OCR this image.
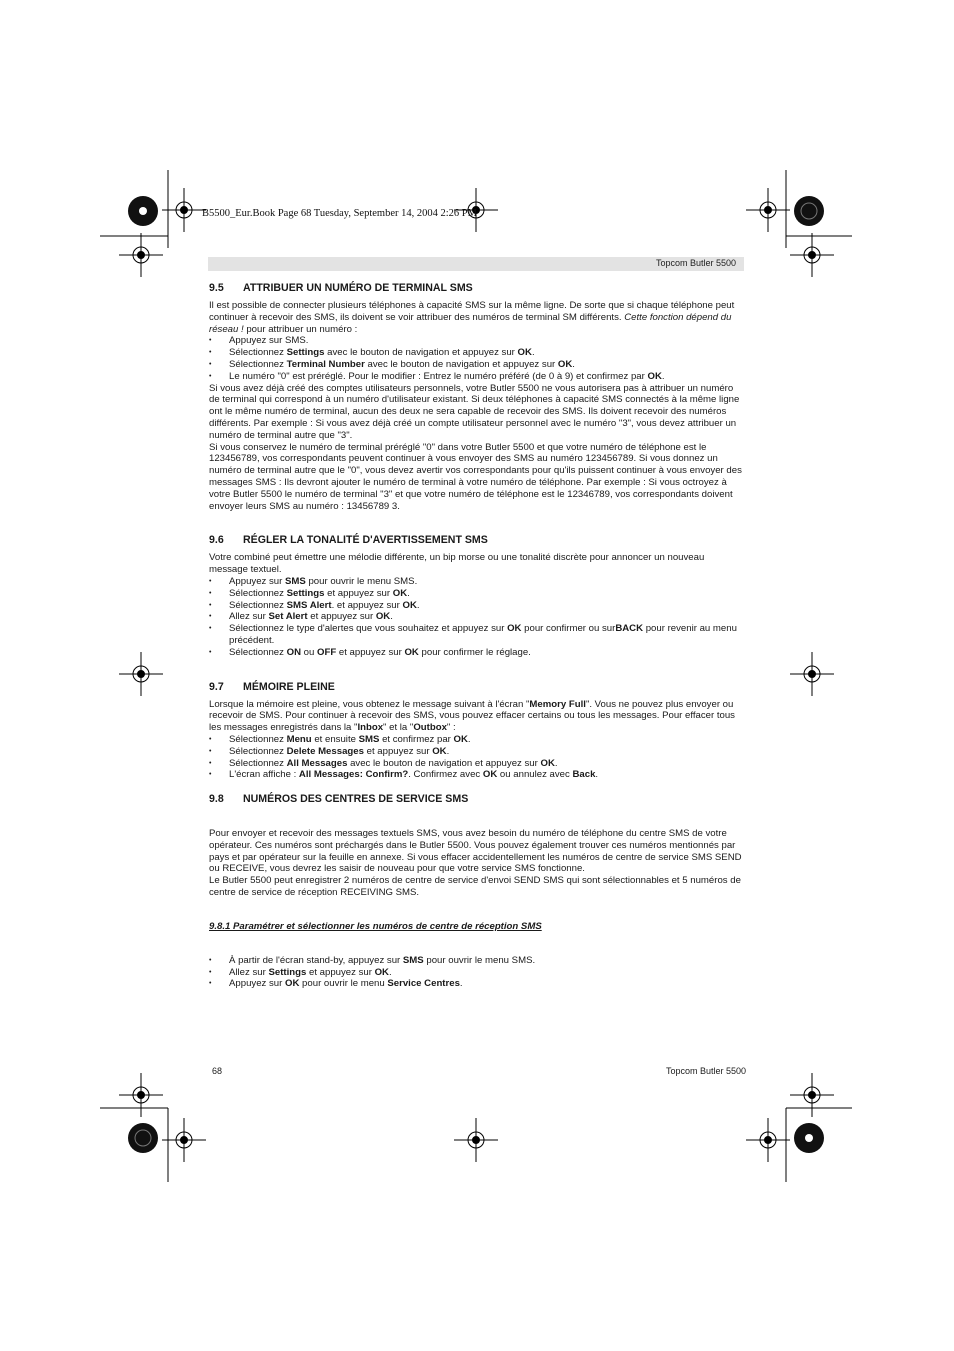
B5500_Eur.Book Page 68 Tuesday, September 14, 2004 2:26 PM
Topcom Butler 5500
9.5 ATTRIBUER UN NUMÉRO DE TERMINAL SMS

Il est possible de connecter plusieurs téléphones à capacité SMS sur la même ligne. De sorte que si chaque téléphone peut continuer à recevoir des SMS, ils doivent se voir attribuer des numéros de terminal SM différents. Cette fonction dépend du réseau ! pour attribuer un numéro :

• Appuyez sur SMS.
• Sélectionnez Settings avec le bouton de navigation et appuyez sur OK.
• Sélectionnez Terminal Number avec le bouton de navigation et appuyez sur OK.
• Le numéro "0" est préréglé. Pour le modifier : Entrez le numéro préféré (de 0 à 9) et confirmez par OK.

Si vous avez déjà créé des comptes utilisateurs personnels, votre Butler 5500 ne vous autorisera pas à attribuer un numéro de terminal qui correspond à un numéro d'utilisateur existant. Si deux téléphones à capacité SMS connectés à la même ligne ont le même numéro de terminal, aucun des deux ne sera capable de recevoir des SMS. Ils doivent recevoir des numéros différents. Par exemple : Si vous avez déjà créé un compte utilisateur personnel avec le numéro "3", vous devez attribuer un numéro de terminal autre que "3".

Si vous conservez le numéro de terminal préréglé "0" dans votre Butler 5500 et que votre numéro de téléphone est le 123456789, vos correspondants peuvent continuer à vous envoyer des SMS au numéro 123456789. Si vous donnez un numéro de terminal autre que le "0", vous devez avertir vos correspondants pour qu'ils puissent continuer à vous envoyer des messages SMS : Ils devront ajouter le numéro de terminal à votre numéro de téléphone. Par exemple : Si vous octroyez à votre Butler 5500 le numéro de terminal "3" et que votre numéro de téléphone est le 12346789, vos correspondants doivent envoyer leurs SMS au numéro : 13456789 3.

9.6 RÉGLER LA TONALITÉ D'AVERTISSEMENT SMS

Votre combiné peut émettre une mélodie différente, un bip morse ou une tonalité discrète pour annoncer un nouveau message textuel.

• Appuyez sur SMS pour ouvrir le menu SMS.
• Sélectionnez Settings et appuyez sur OK.
• Sélectionnez SMS Alert. et appuyez sur OK.
• Allez sur Set Alert et appuyez sur OK.
• Sélectionnez le type d'alertes que vous souhaitez et appuyez sur OK pour confirmer ou surBACK pour revenir au menu précédent.
• Sélectionnez ON ou OFF et appuyez sur OK pour confirmer le réglage.
9.7 MÉMOIRE PLEINE

Lorsque la mémoire est pleine, vous obtenez le message suivant à l'écran "Memory Full". Vous ne pouvez plus envoyer ou recevoir de SMS. Pour continuer à recevoir des SMS, vous pouvez effacer certains ou tous les messages. Pour effacer tous les messages enregistrés dans la "Inbox" et la "Outbox" :

• Sélectionnez Menu et ensuite SMS et confirmez par OK.
• Sélectionnez Delete Messages et appuyez sur OK.
• Sélectionnez All Messages avec le bouton de navigation et appuyez sur OK.
• L'écran affiche : All Messages: Confirm?. Confirmez avec OK ou annulez avec Back.
9.8 NUMÉROS DES CENTRES DE SERVICE SMS

Pour envoyer et recevoir des messages textuels SMS, vous avez besoin du numéro de téléphone du centre SMS de votre opérateur. Ces numéros sont préchargés dans le Butler 5500. Vous pouvez également trouver ces numéros mentionnés par pays et par opérateur sur la feuille en annexe. Si vous effacer accidentellement les numéros de centre de service SMS SEND ou RECEIVE, vous devrez les saisir de nouveau pour que votre service SMS fonctionne.

Le Butler 5500 peut enregistrer 2 numéros de centre de service d'envoi SEND SMS qui sont sélectionnables et 5 numéros de centre de service de réception RECEIVING SMS.

9.8.1 Paramétrer et sélectionner les numéros de centre de réception SMS
• À partir de l'écran stand-by, appuyez sur SMS pour ouvrir le menu SMS.
• Allez sur Settings et appuyez sur OK.
• Appuyez sur OK pour ouvrir le menu Service Centres.
68	Topcom Butler 5500
